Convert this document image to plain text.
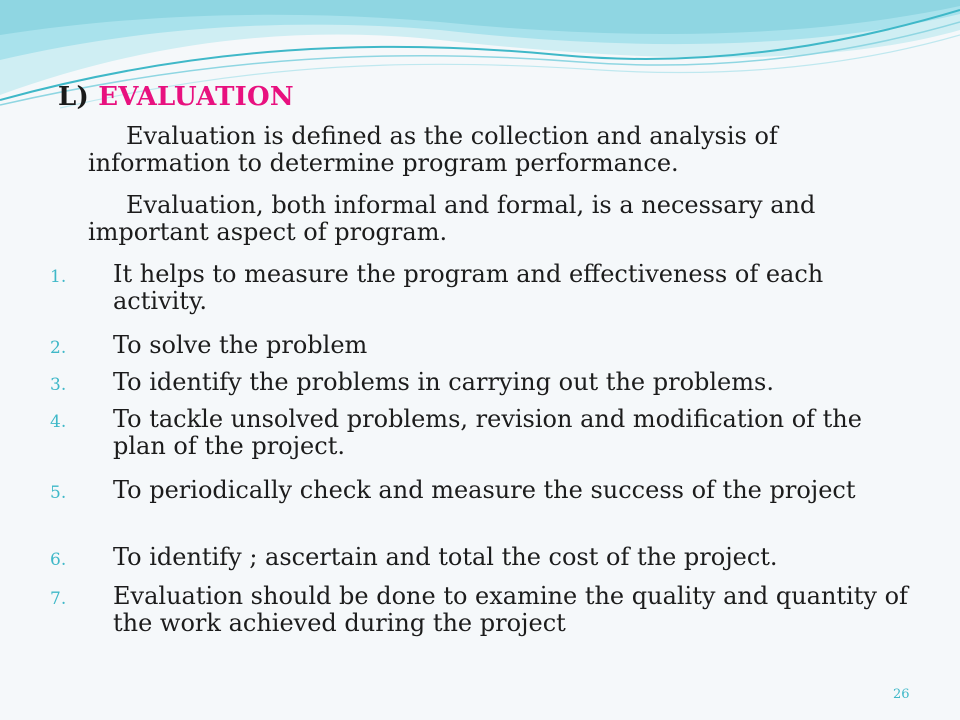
L) EVALUATION
Evaluation is defined as the collection and analysis of information to determine program performance.
Evaluation, both informal and formal, is a necessary and important aspect of program.
1.	It helps to measure the program and effectiveness of each activity.
2.	To solve the problem
3.	To identify the problems in carrying out the problems.
4.	To tackle unsolved problems, revision and modification of the plan of the project.
5.	To periodically check and measure the success of the project
6.	To identify ; ascertain and total the cost of the project.
7.	Evaluation should be done to examine the quality and quantity of the work achieved during the project
26
